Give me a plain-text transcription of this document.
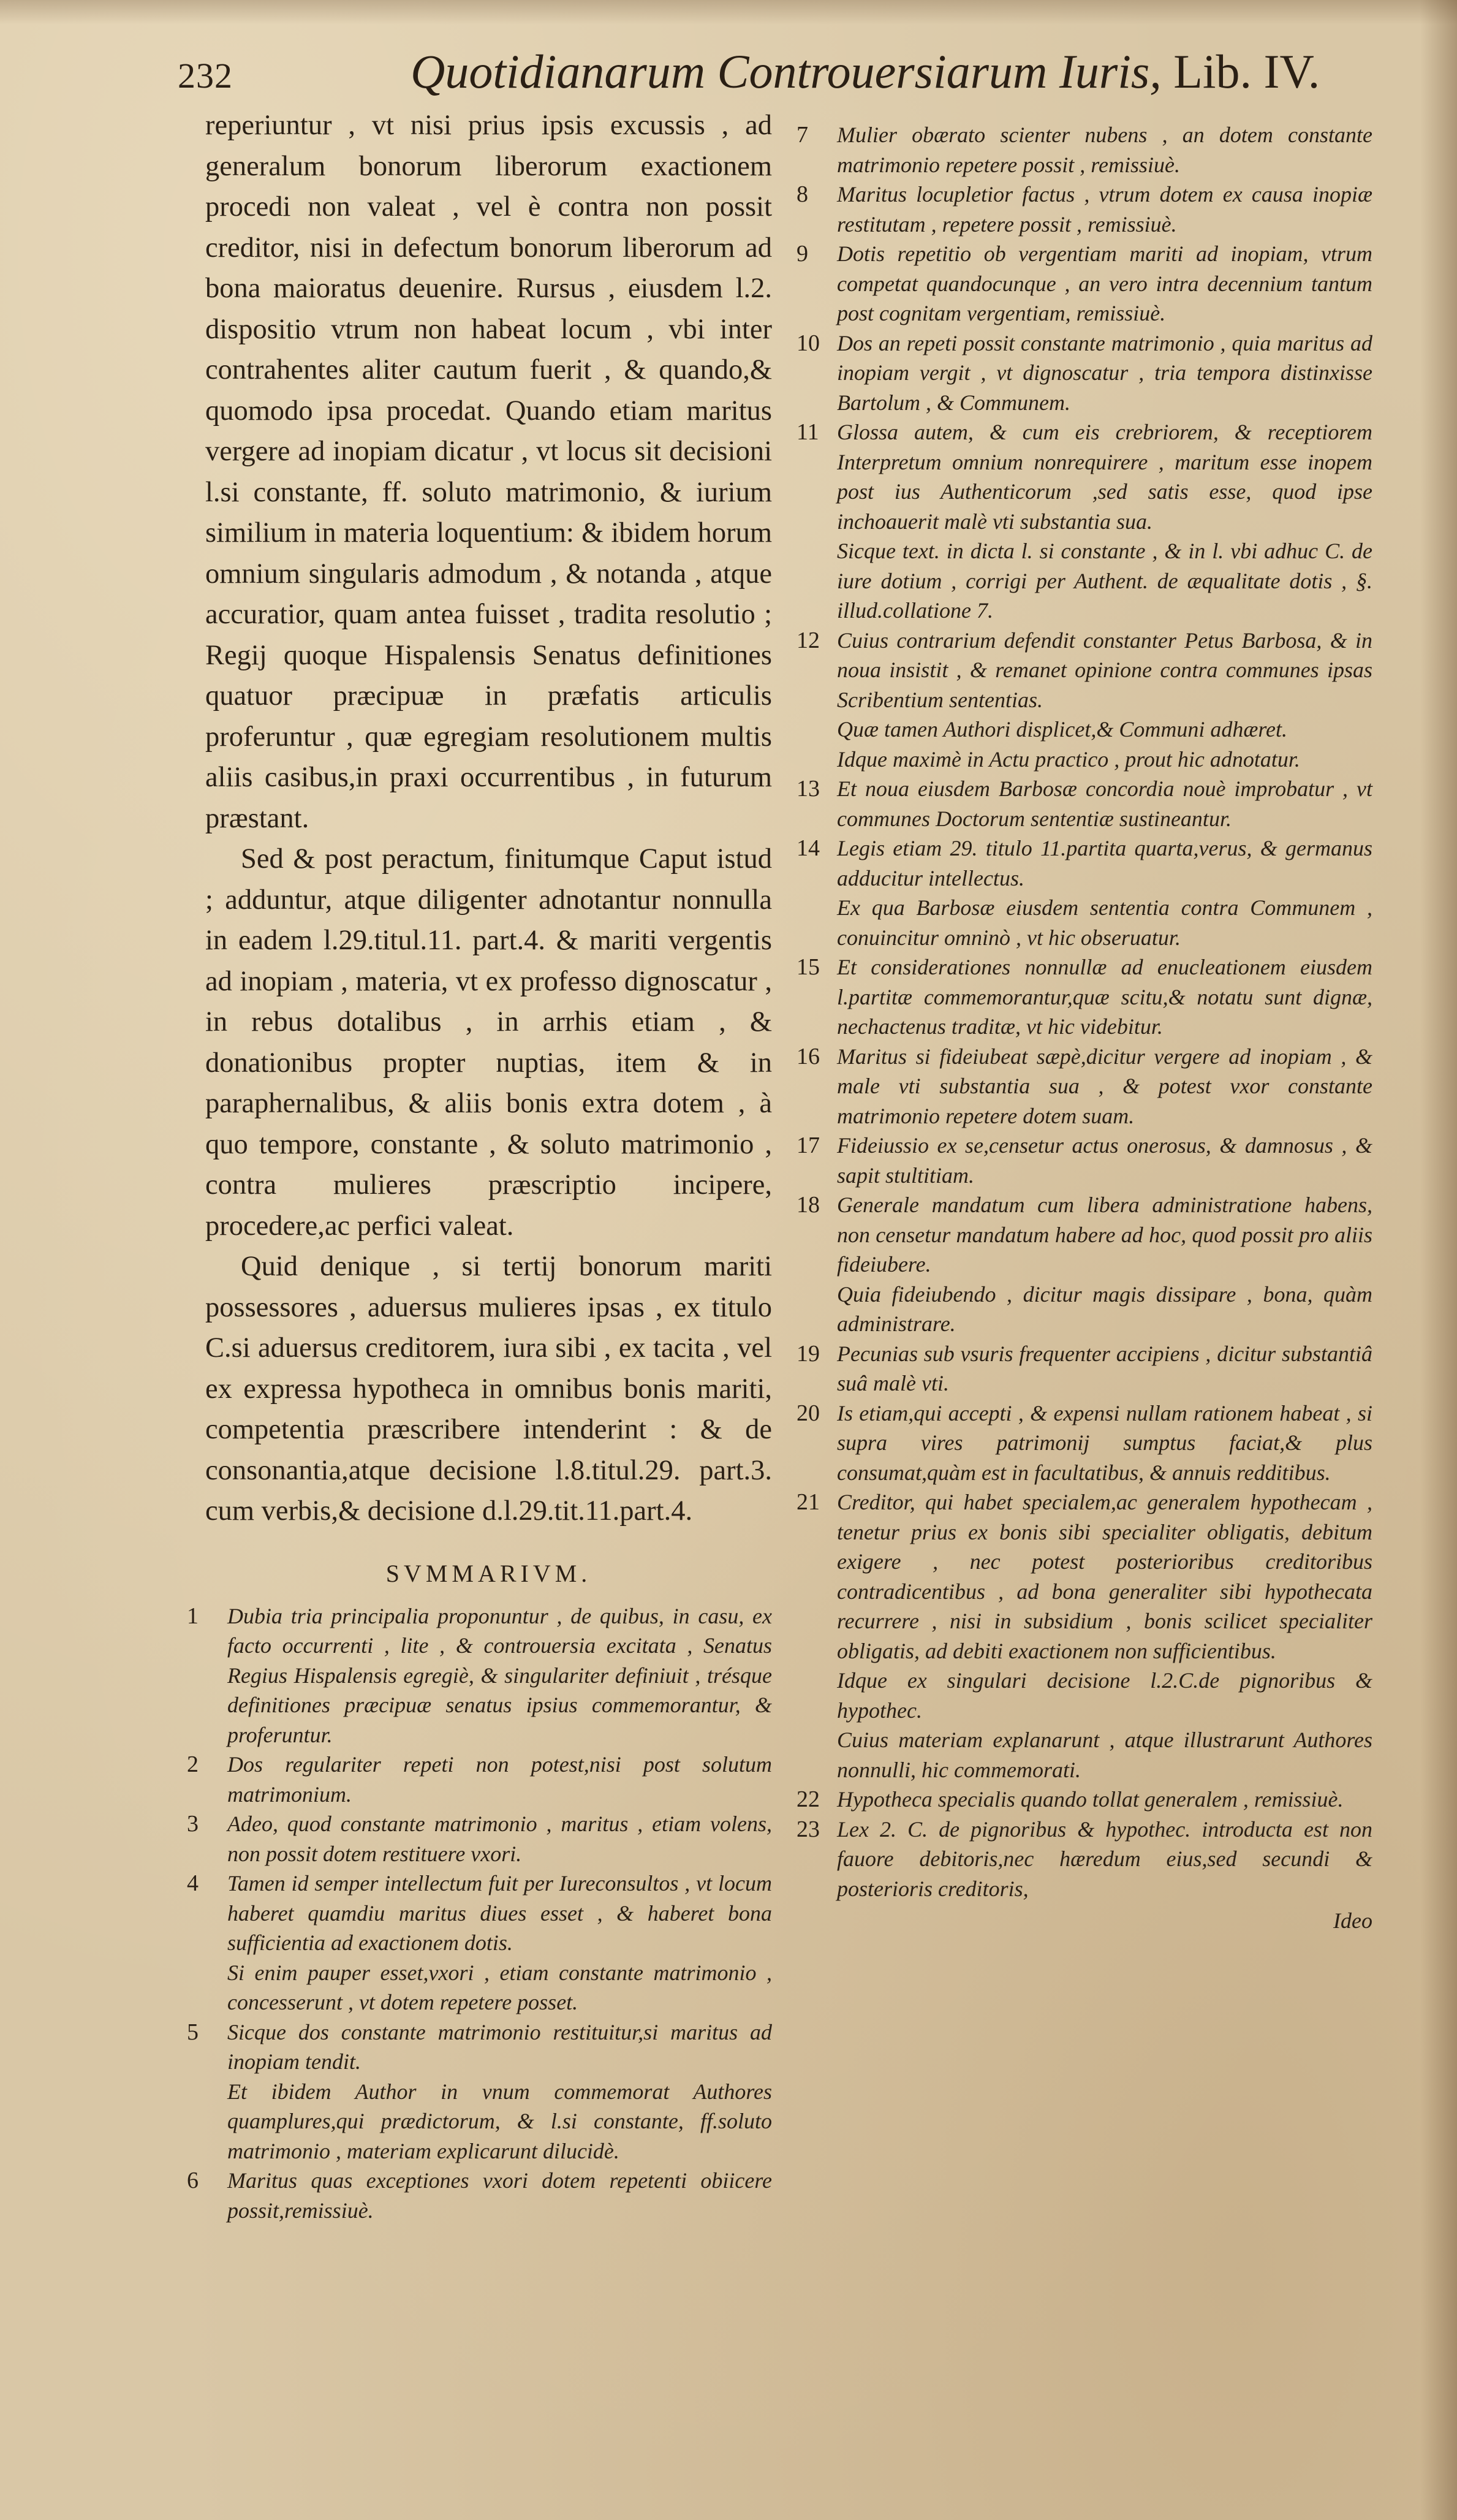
232	Quotidianarum Controuersiarum Iuris, Lib. IV.

reperiuntur , vt nisi prius ipsis excussis , ad generalum bonorum liberorum exactionem procedi non valeat , vel è contra non possit creditor, nisi in defectum bonorum liberorum ad bona maioratus deuenire. Rursus , eiusdem l.2. dispositio vtrum non habeat locum , vbi inter contrahentes aliter cautum fuerit , & quando,& quomodo ipsa procedat. Quando etiam maritus vergere ad inopiam dicatur , vt locus sit decisioni l.si constante, ff. soluto matrimonio, & iurium similium in materia loquentium: & ibidem horum omnium singularis admodum , & notanda , atque accuratior, quam antea fuisset , tradita resolutio ; Regij quoque Hispalensis Senatus definitiones quatuor præcipuæ in præfatis articulis proferuntur , quæ egregiam resolutionem multis aliis casibus,in praxi occurrentibus , in futurum præstant.

Sed & post peractum, finitumque Caput istud ; adduntur, atque diligenter adnotantur nonnulla in eadem l.29.titul.11. part.4. & mariti vergentis ad inopiam , materia, vt ex professo dignoscatur , in rebus dotalibus , in arrhis etiam , & donationibus propter nuptias, item & in paraphernalibus, & aliis bonis extra dotem , à quo tempore, constante , & soluto matrimonio , contra mulieres præscriptio incipere, procedere,ac perfici valeat.

Quid denique , si tertij bonorum mariti possessores , aduersus mulieres ipsas , ex titulo C.si aduersus creditorem, iura sibi , ex tacita , vel ex expressa hypotheca in omnibus bonis mariti, competentia præscribere intenderint : & de consonantia,atque decisione l.8.titul.29. part.3. cum verbis,& decisione d.l.29.tit.11.part.4.

SVMMARIVM.
1 Dubia tria principalia proponuntur , de quibus, in casu, ex facto occurrenti , lite , & controuersia excitata , Senatus Regius Hispalensis egregiè, & singulariter definiuit , trésque definitiones præcipuæ senatus ipsius commemorantur, & proferuntur.
2 Dos regulariter repeti non potest,nisi post solutum matrimonium.
3 Adeo, quod constante matrimonio , maritus , etiam volens, non possit dotem restituere vxori.
4 Tamen id semper intellectum fuit per Iureconsultos , vt locum haberet quamdiu maritus diues esset , & haberet bona sufficientia ad exactionem dotis.
Si enim pauper esset,vxori , etiam constante matrimonio , concesserunt , vt dotem repetere posset.
5 Sicque dos constante matrimonio restituitur,si maritus ad inopiam tendit.
Et ibidem Author in vnum commemorat Authores quamplures,qui prædictorum, & l.si constante, ff.soluto matrimonio , materiam explicarunt dilucidè.
6 Maritus quas exceptiones vxori dotem repetenti obiicere possit,remissiuè.
7 Mulier obærato scienter nubens , an dotem constante matrimonio repetere possit , remissiuè.
8 Maritus locupletior factus , vtrum dotem ex causa inopiæ restitutam , repetere possit , remissiuè.
9 Dotis repetitio ob vergentiam mariti ad inopiam, vtrum competat quandocunque , an vero intra decennium tantum post cognitam vergentiam, remissiuè.
10 Dos an repeti possit constante matrimonio , quia maritus ad inopiam vergit , vt dignoscatur , tria tempora distinxisse Bartolum , & Communem.
11 Glossa autem, & cum eis crebriorem, & receptiorem Interpretum omnium nonrequirere , maritum esse inopem post ius Authenticorum ,sed satis esse, quod ipse inchoauerit malè vti substantia sua.
Sicque text. in dicta l. si constante , & in l. vbi adhuc C. de iure dotium , corrigi per Authent. de æqualitate dotis , §. illud.collatione 7.
12 Cuius contrarium defendit constanter Petus Barbosa, & in noua insistit , & remanet opinione contra communes ipsas Scribentium sententias.
Quæ tamen Authori displicet,& Communi adhæret.
Idque maximè in Actu practico , prout hic adnotatur.
13 Et noua eiusdem Barbosæ concordia nouè improbatur , vt communes Doctorum sententiæ sustineantur.
14 Legis etiam 29. titulo 11.partita quarta,verus, & germanus adducitur intellectus.
Ex qua Barbosæ eiusdem sententia contra Communem , conuincitur omninò , vt hic obseruatur.
15 Et considerationes nonnullæ ad enucleationem eiusdem l.partitæ commemorantur,quæ scitu,& notatu sunt dignæ, nechactenus traditæ, vt hic videbitur.
16 Maritus si fideiubeat sæpè,dicitur vergere ad inopiam , & male vti substantia sua , & potest vxor constante matrimonio repetere dotem suam.
17 Fideiussio ex se,censetur actus onerosus, & damnosus , & sapit stultitiam.
18 Generale mandatum cum libera administratione habens, non censetur mandatum habere ad hoc, quod possit pro aliis fideiubere.
Quia fideiubendo , dicitur magis dissipare , bona, quàm administrare.
19 Pecunias sub vsuris frequenter accipiens , dicitur substantiâ suâ malè vti.
20 Is etiam,qui accepti , & expensi nullam rationem habeat , si supra vires patrimonij sumptus faciat,& plus consumat,quàm est in facultatibus, & annuis redditibus.
21 Creditor, qui habet specialem,ac generalem hypothecam , tenetur prius ex bonis sibi specialiter obligatis, debitum exigere , nec potest posterioribus creditoribus contradicentibus , ad bona generaliter sibi hypothecata recurrere , nisi in subsidium , bonis scilicet specialiter obligatis, ad debiti exactionem non sufficientibus.
Idque ex singulari decisione l.2.C.de pignoribus & hypothec.
Cuius materiam explanarunt , atque illustrarunt Authores nonnulli, hic commemorati.
22 Hypotheca specialis quando tollat generalem , remissiuè.
23 Lex 2. C. de pignoribus & hypothec. introducta est non fauore debitoris,nec hæredum eius,sed secundi & posterioris creditoris,
Ideo
